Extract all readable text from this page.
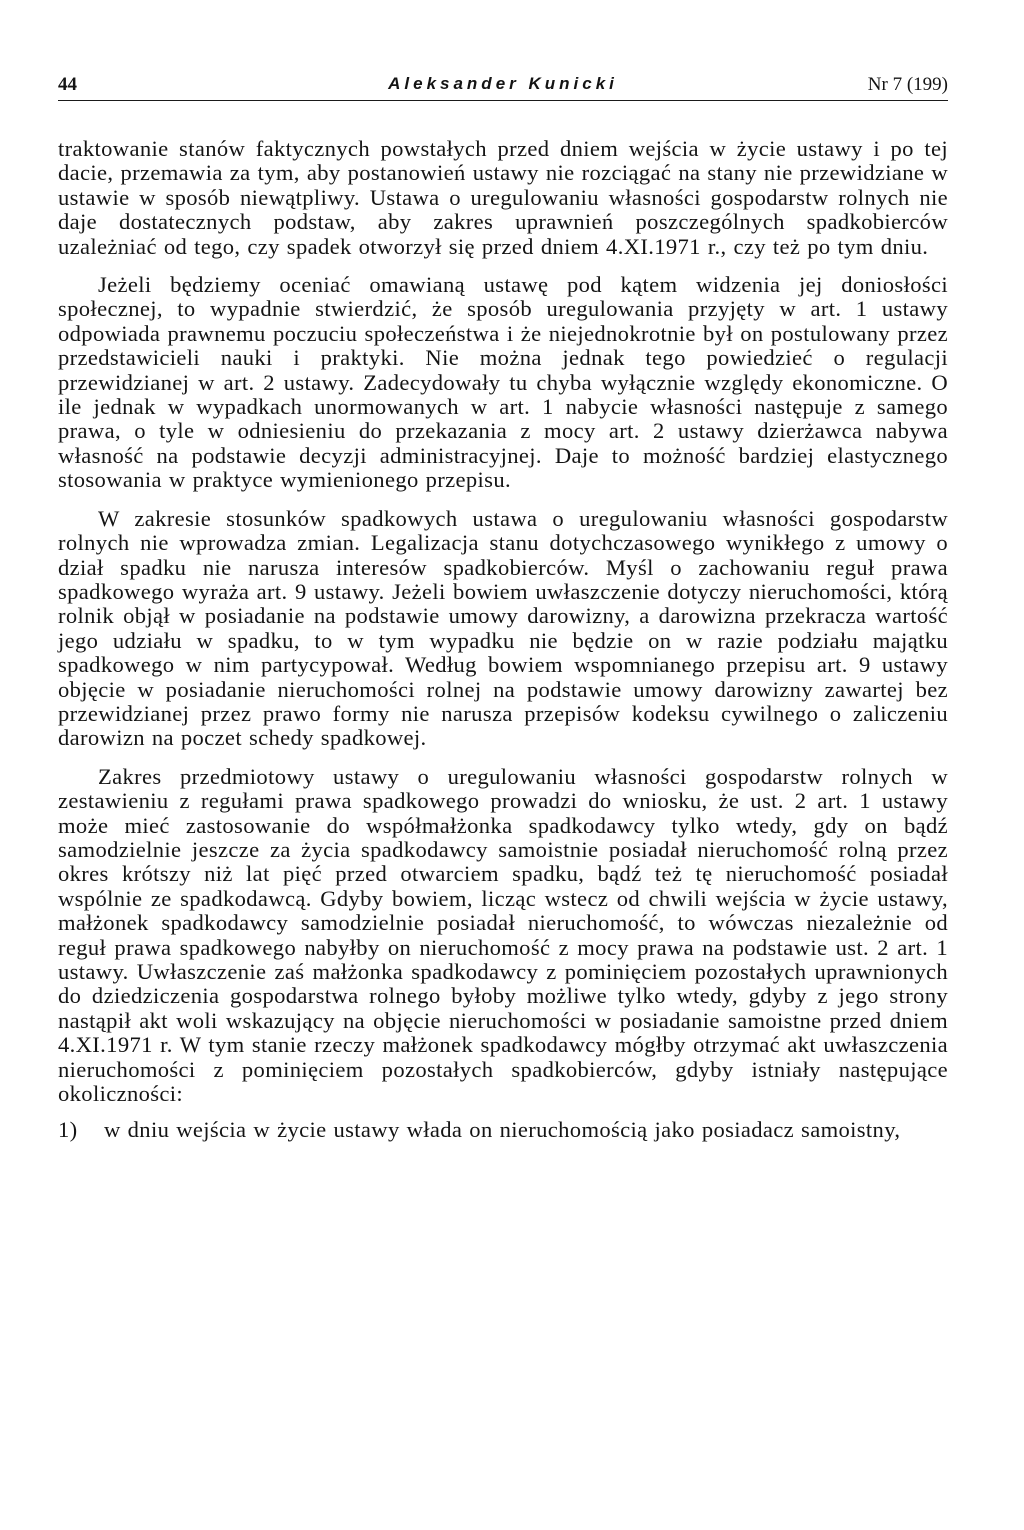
44	Aleksander Kunicki	Nr 7 (199)

traktowanie stanów faktycznych powstałych przed dniem wejścia w życie ustawy i po tej dacie, przemawia za tym, aby postanowień ustawy nie rozciągać na stany nie przewidziane w ustawie w sposób niewątpliwy. Ustawa o uregulowaniu własności gospodarstw rolnych nie daje dostatecznych podstaw, aby zakres uprawnień poszczególnych spadkobierców uzależniać od tego, czy spadek otworzył się przed dniem 4.XI.1971 r., czy też po tym dniu.

Jeżeli będziemy oceniać omawianą ustawę pod kątem widzenia jej doniosłości społecznej, to wypadnie stwierdzić, że sposób uregulowania przyjęty w art. 1 ustawy odpowiada prawnemu poczuciu społeczeństwa i że niejednokrotnie był on postulowany przez przedstawicieli nauki i praktyki. Nie można jednak tego powiedzieć o regulacji przewidzianej w art. 2 ustawy. Zadecydowały tu chyba wyłącznie względy ekonomiczne. O ile jednak w wypadkach unormowanych w art. 1 nabycie własności następuje z samego prawa, o tyle w odniesieniu do przekazania z mocy art. 2 ustawy dzierżawca nabywa własność na podstawie decyzji administracyjnej. Daje to możność bardziej elastycznego stosowania w praktyce wymienionego przepisu.

W zakresie stosunków spadkowych ustawa o uregulowaniu własności gospodarstw rolnych nie wprowadza zmian. Legalizacja stanu dotychczasowego wynikłego z umowy o dział spadku nie narusza interesów spadkobierców. Myśl o zachowaniu reguł prawa spadkowego wyraża art. 9 ustawy. Jeżeli bowiem uwłaszczenie dotyczy nieruchomości, którą rolnik objął w posiadanie na podstawie umowy darowizny, a darowizna przekracza wartość jego udziału w spadku, to w tym wypadku nie będzie on w razie podziału majątku spadkowego w nim partycypował. Według bowiem wspomnianego przepisu art. 9 ustawy objęcie w posiadanie nieruchomości rolnej na podstawie umowy darowizny zawartej bez przewidzianej przez prawo formy nie narusza przepisów kodeksu cywilnego o zaliczeniu darowizn na poczet schedy spadkowej.

Zakres przedmiotowy ustawy o uregulowaniu własności gospodarstw rolnych w zestawieniu z regułami prawa spadkowego prowadzi do wniosku, że ust. 2 art. 1 ustawy może mieć zastosowanie do współmałżonka spadkodawcy tylko wtedy, gdy on bądź samodzielnie jeszcze za życia spadkodawcy samoistnie posiadał nieruchomość rolną przez okres krótszy niż lat pięć przed otwarciem spadku, bądź też tę nieruchomość posiadał wspólnie ze spadkodawcą. Gdyby bowiem, licząc wstecz od chwili wejścia w życie ustawy, małżonek spadkodawcy samodzielnie posiadał nieruchomość, to wówczas niezależnie od reguł prawa spadkowego nabyłby on nieruchomość z mocy prawa na podstawie ust. 2 art. 1 ustawy. Uwłaszczenie zaś małżonka spadkodawcy z pominięciem pozostałych uprawnionych do dziedziczenia gospodarstwa rolnego byłoby możliwe tylko wtedy, gdyby z jego strony nastąpił akt woli wskazujący na objęcie nieruchomości w posiadanie samoistne przed dniem 4.XI.1971 r. W tym stanie rzeczy małżonek spadkodawcy mógłby otrzymać akt uwłaszczenia nieruchomości z pominięciem pozostałych spadkobierców, gdyby istniały następujące okoliczności:

1) w dniu wejścia w życie ustawy włada on nieruchomością jako posiadacz samoistny,
